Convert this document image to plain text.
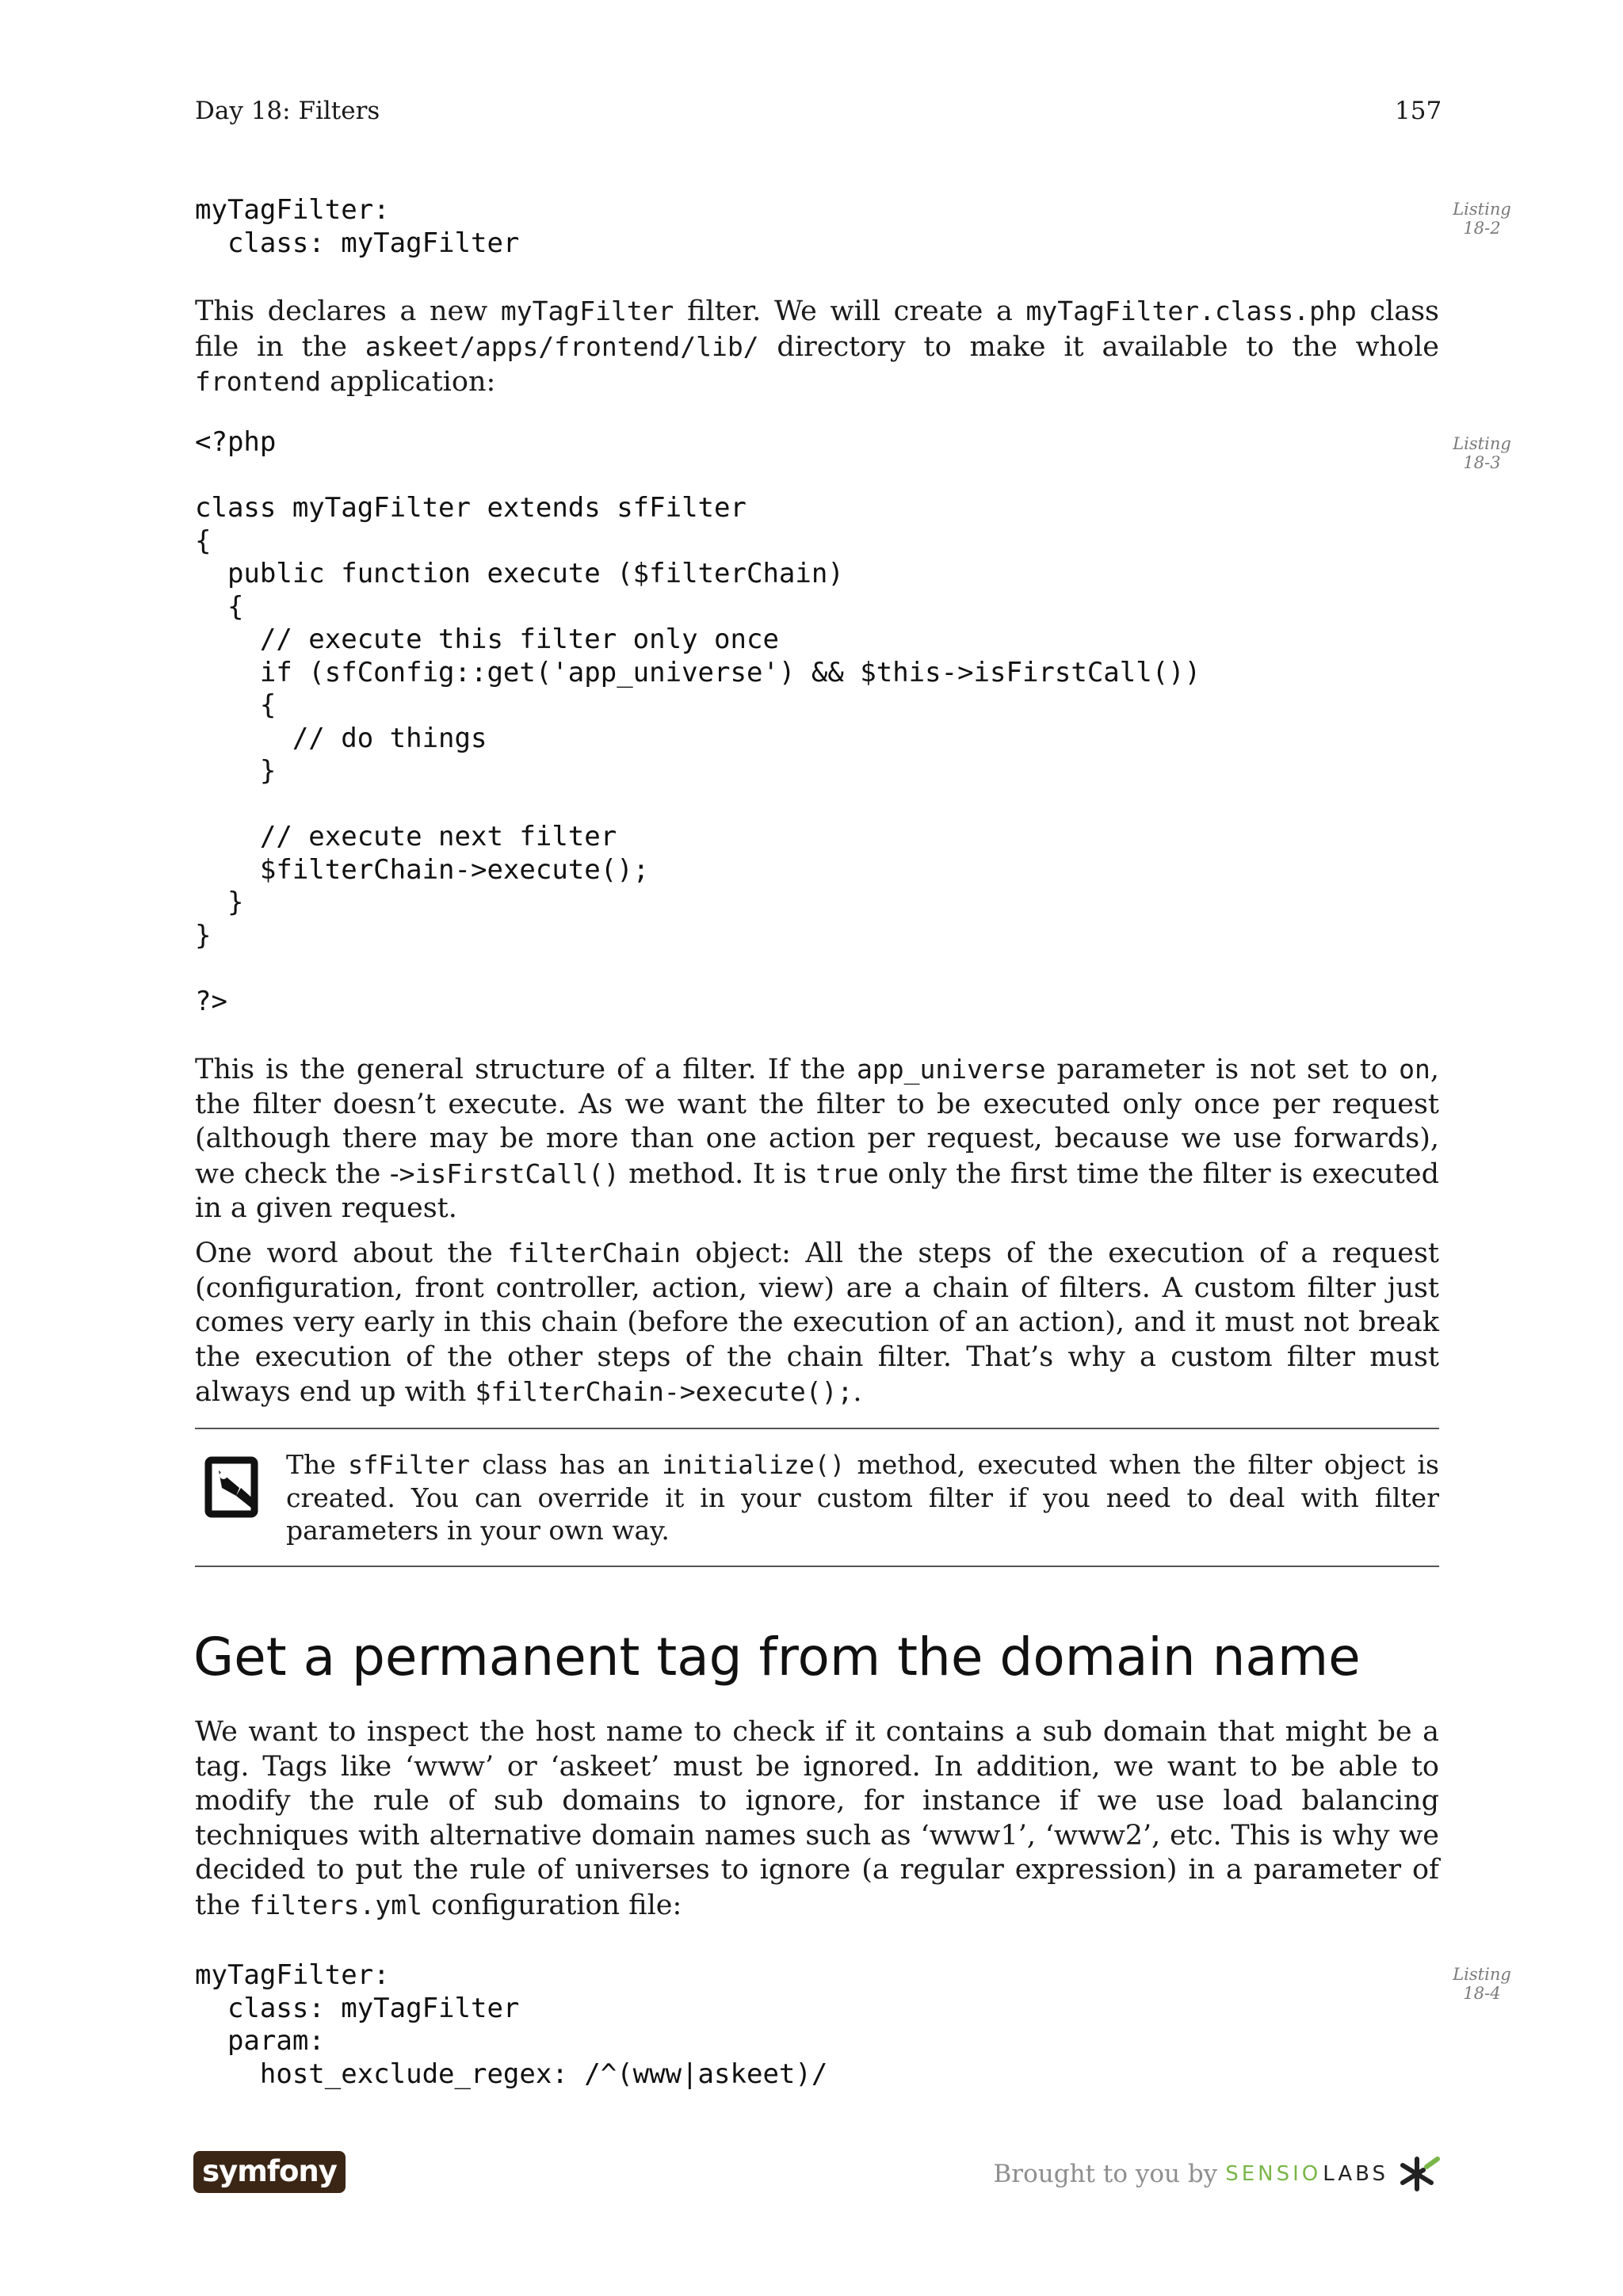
Day 18: Filters	157
Listing
18-2
myTagFilter:
class: myTagFilter

This declares a new myTagFilter filter. We will create a myTagFilter.class.php class file in the askeet/apps/frontend/lib/ directory to make it available to the whole frontend application:

Listing
18-3
<?php

class myTagFilter extends sfFilter
{
public function execute ($filterChain)
{
// execute this filter only once
if (sfConfig::get('app_universe') && $this->isFirstCall())
{
// do things
}

// execute next filter
$filterChain->execute();
}
}

?>

This is the general structure of a filter. If the app_universe parameter is not set to on, the filter doesn’t execute. As we want the filter to be executed only once per request (although there may be more than one action per request, because we use forwards), we check the ->isFirstCall() method. It is true only the first time the filter is executed in a given request.

One word about the filterChain object: All the steps of the execution of a request (configuration, front controller, action, view) are a chain of filters. A custom filter just comes very early in this chain (before the execution of an action), and it must not break the execution of the other steps of the chain filter. That’s why a custom filter must always end up with $filterChain->execute();.

The sfFilter class has an initialize() method, executed when the filter object is created. You can override it in your custom filter if you need to deal with filter parameters in your own way.

Get a permanent tag from the domain name

We want to inspect the host name to check if it contains a sub domain that might be a tag. Tags like ‘www’ or ‘askeet’ must be ignored. In addition, we want to be able to modify the rule of sub domains to ignore, for instance if we use load balancing techniques with alternative domain names such as ‘www1’, ‘www2’, etc. This is why we decided to put the rule of universes to ignore (a regular expression) in a parameter of the filters.yml configuration file:

Listing
18-4
myTagFilter:
class: myTagFilter
param:
host_exclude_regex: /^(www|askeet)/
symfony	Brought to you by SENSIO LABS
